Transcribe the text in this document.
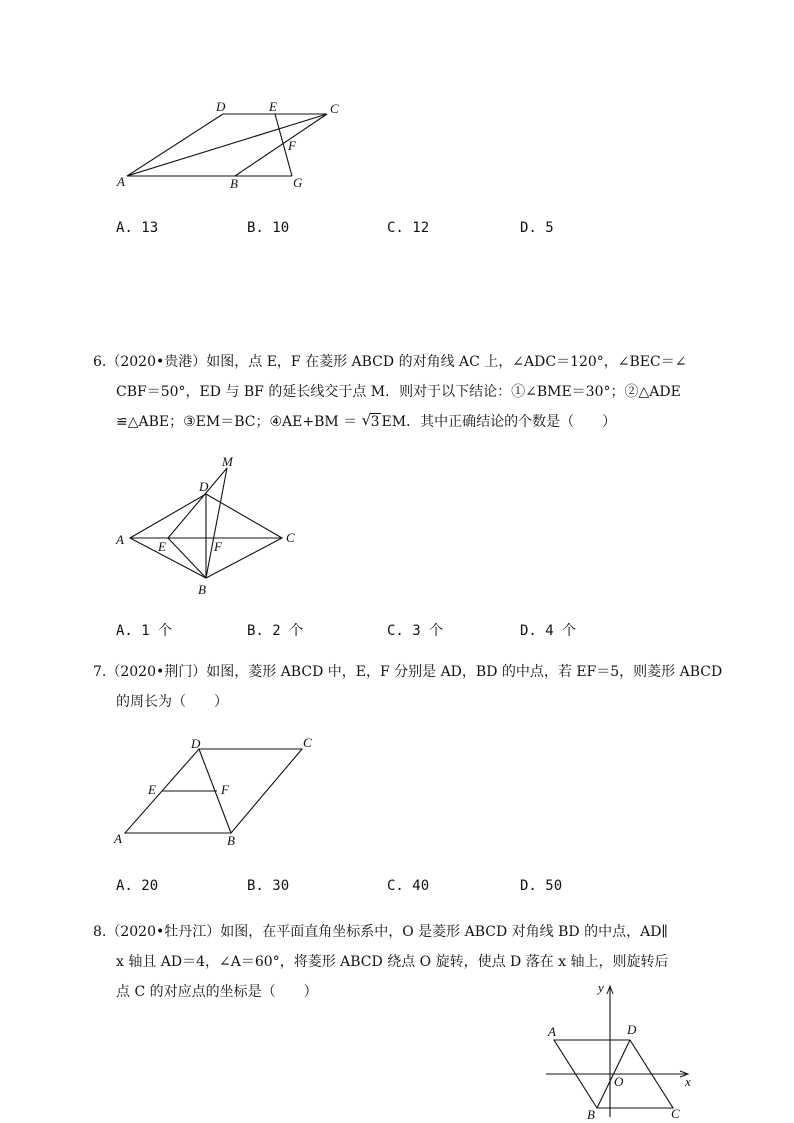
D	E	C
F
A	B	G
A. 13	B. 10	C. 12	D. 5
6.（2020•贵港）如图，点 E，F 在菱形 ABCD 的对角线 AC 上，∠ADC＝120°，∠BEC＝∠
CBF＝50°，ED 与 BF 的延长线交于点 M．则对于以下结论：①∠BME＝30°；②△ADE
≌△ABE；③EM＝BC；④AE+BM ＝ √ 3 EM．其中正确结论的个数是（　　）
M
D
A	E	F
C
B
A. 1 个	B. 2 个	C. 3 个	D. 4 个
7.（2020•荆门）如图，菱形 ABCD 中，E，F 分别是 AD，BD 的中点，若 EF＝5，则菱形 ABCD
的周长为（　　）
D	C
E	F
A	B
A. 20	B. 30	C. 40	D. 50
8.（2020•牡丹江）如图，在平面直角坐标系中，O 是菱形 ABCD 对角线 BD 的中点，AD∥
x 轴且 AD＝4，∠A＝60°，将菱形 ABCD 绕点 O 旋转，使点 D 落在 x 轴上，则旋转后
点 C 的对应点的坐标是（　　）	y
A	D
O	x
B	C
